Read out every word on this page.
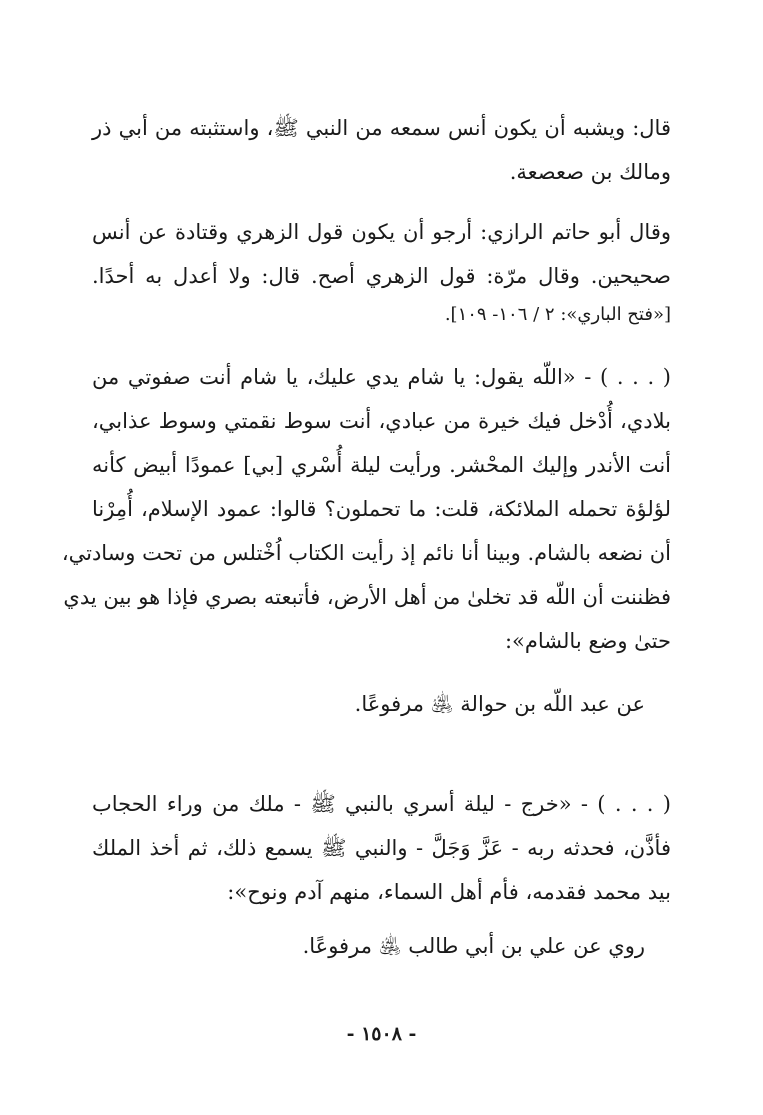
قال: ويشبه أن يكون أنس سمعه من النبي ﷺ، واستثبته من أبي ذر
ومالك بن صعصعة.
وقال أبو حاتم الرازي: أرجو أن يكون قول الزهري وقتادة عن أنس
صحيحين. وقال مرّة: قول الزهري أصح. قال: ولا أعدل به أحدًا.
[«فتح الباري»: ٢ / ١٠٦- ١٠٩].
( . . . ) - «اللّه يقول: يا شام يدي عليك، يا شام أنت صفوتي من
بلادي، أُدْخل فيك خيرة من عبادي، أنت سوط نقمتي وسوط عذابي،
أنت الأندر وإليك المحْشر. ورأيت ليلة أُسْري [بي] عمودًا أبيض كأنه
لؤلؤة تحمله الملائكة، قلت: ما تحملون؟ قالوا: عمود الإسلام، أُمِرْنا
أن نضعه بالشام. وبينا أنا نائم إذ رأيت الكتاب اُخْتلس من تحت وسادتي،
فظننت أن اللّه قد تخلىٰ من أهل الأرض، فأتبعته بصري فإذا هو بين يدي
حتىٰ وضع بالشام»:
عن عبد اللّه بن حوالة ﵁ مرفوعًا.
( . . . ) - «خرج - ليلة أسري بالنبي ﷺ - ملك من وراء الحجاب
فأذَّن، فحدثه ربه - عَزَّ وَجَلَّ - والنبي ﷺ يسمع ذلك، ثم أخذ الملك
بيد محمد فقدمه، فأم أهل السماء، منهم آدم ونوح»:
روي عن علي بن أبي طالب ﵁ مرفوعًا.
- ١٥٠٨ -
